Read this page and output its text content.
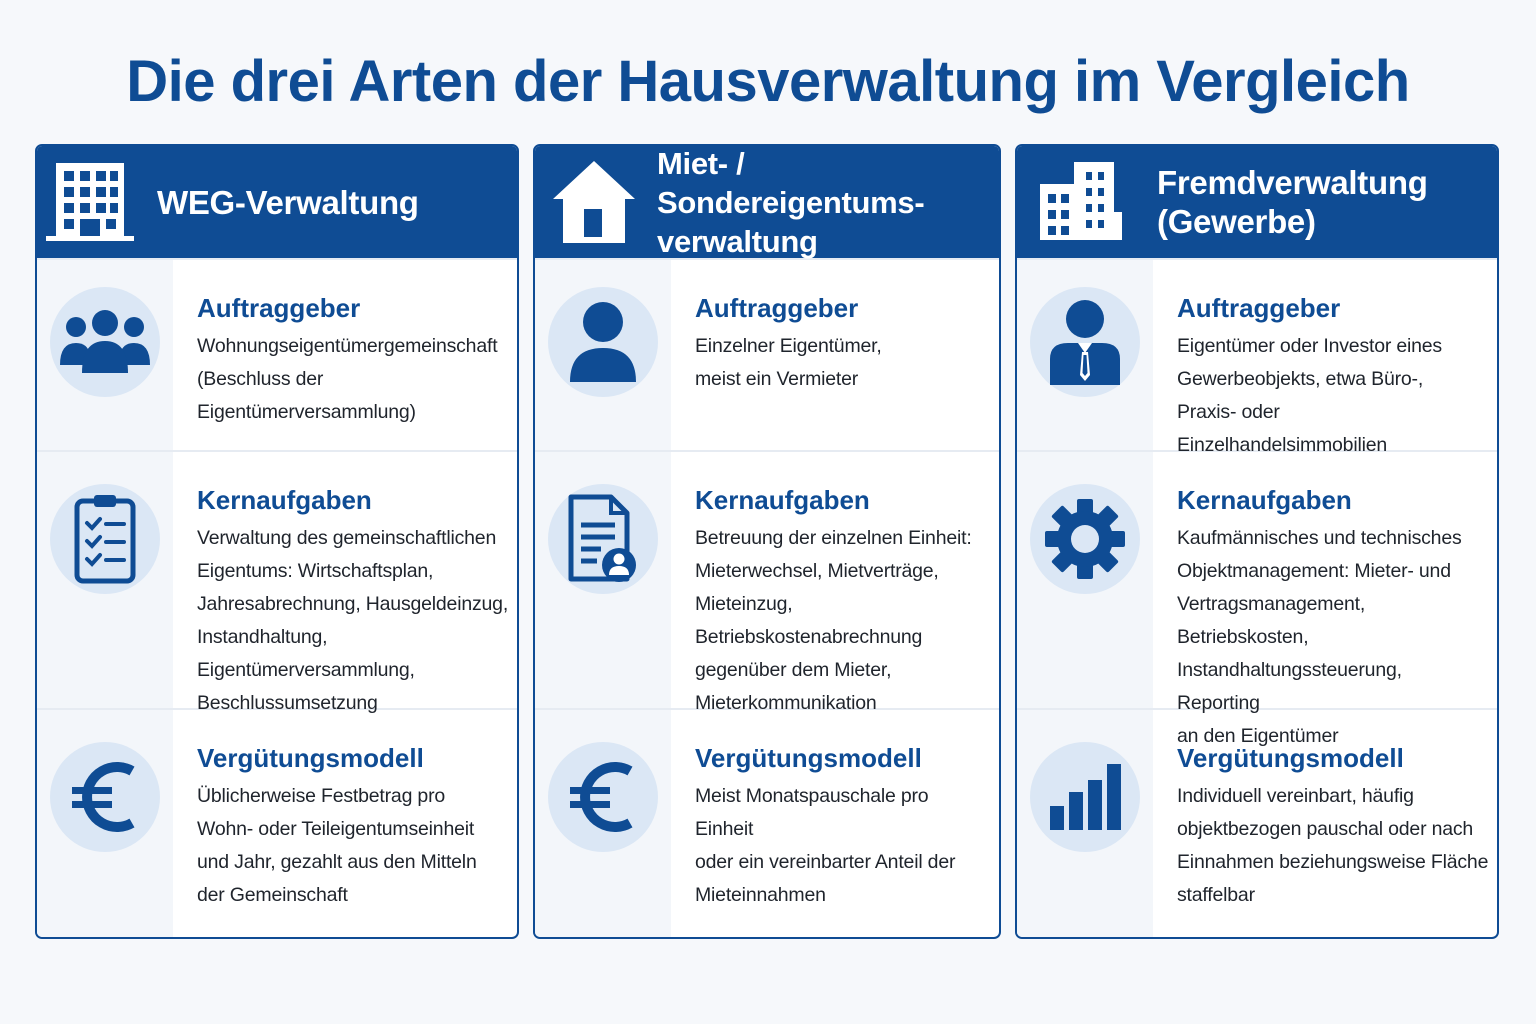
Die drei Arten der Hausverwaltung im Vergleich
WEG-Verwaltung
Auftraggeber
Wohnungseigentümergemeinschaft
(Beschluss der Eigentümerversammlung)
Kernaufgaben
Verwaltung des gemeinschaftlichen
Eigentums: Wirtschaftsplan,
Jahresabrechnung, Hausgeldeinzug,
Instandhaltung, Eigentümerversammlung,
Beschlussumsetzung
Vergütungsmodell
Üblicherweise Festbetrag pro
Wohn- oder Teileigentumseinheit
und Jahr, gezahlt aus den Mitteln
der Gemeinschaft
Miet- / Sondereigentums-
verwaltung
Auftraggeber
Einzelner Eigentümer,
meist ein Vermieter
Kernaufgaben
Betreuung der einzelnen Einheit:
Mieterwechsel, Mietverträge,
Mieteinzug, Betriebskostenabrechnung
gegenüber dem Mieter,
Mieterkommunikation
Vergütungsmodell
Meist Monatspauschale pro Einheit
oder ein vereinbarter Anteil der
Mieteinnahmen
Fremdverwaltung
(Gewerbe)
Auftraggeber
Eigentümer oder Investor eines
Gewerbeobjekts, etwa Büro-,
Praxis- oder Einzelhandelsimmobilien
Kernaufgaben
Kaufmännisches und technisches
Objektmanagement: Mieter- und
Vertragsmanagement, Betriebskosten,
Instandhaltungssteuerung, Reporting
an den Eigentümer
Vergütungsmodell
Individuell vereinbart, häufig
objektbezogen pauschal oder nach
Einnahmen beziehungsweise Fläche
staffelbar
